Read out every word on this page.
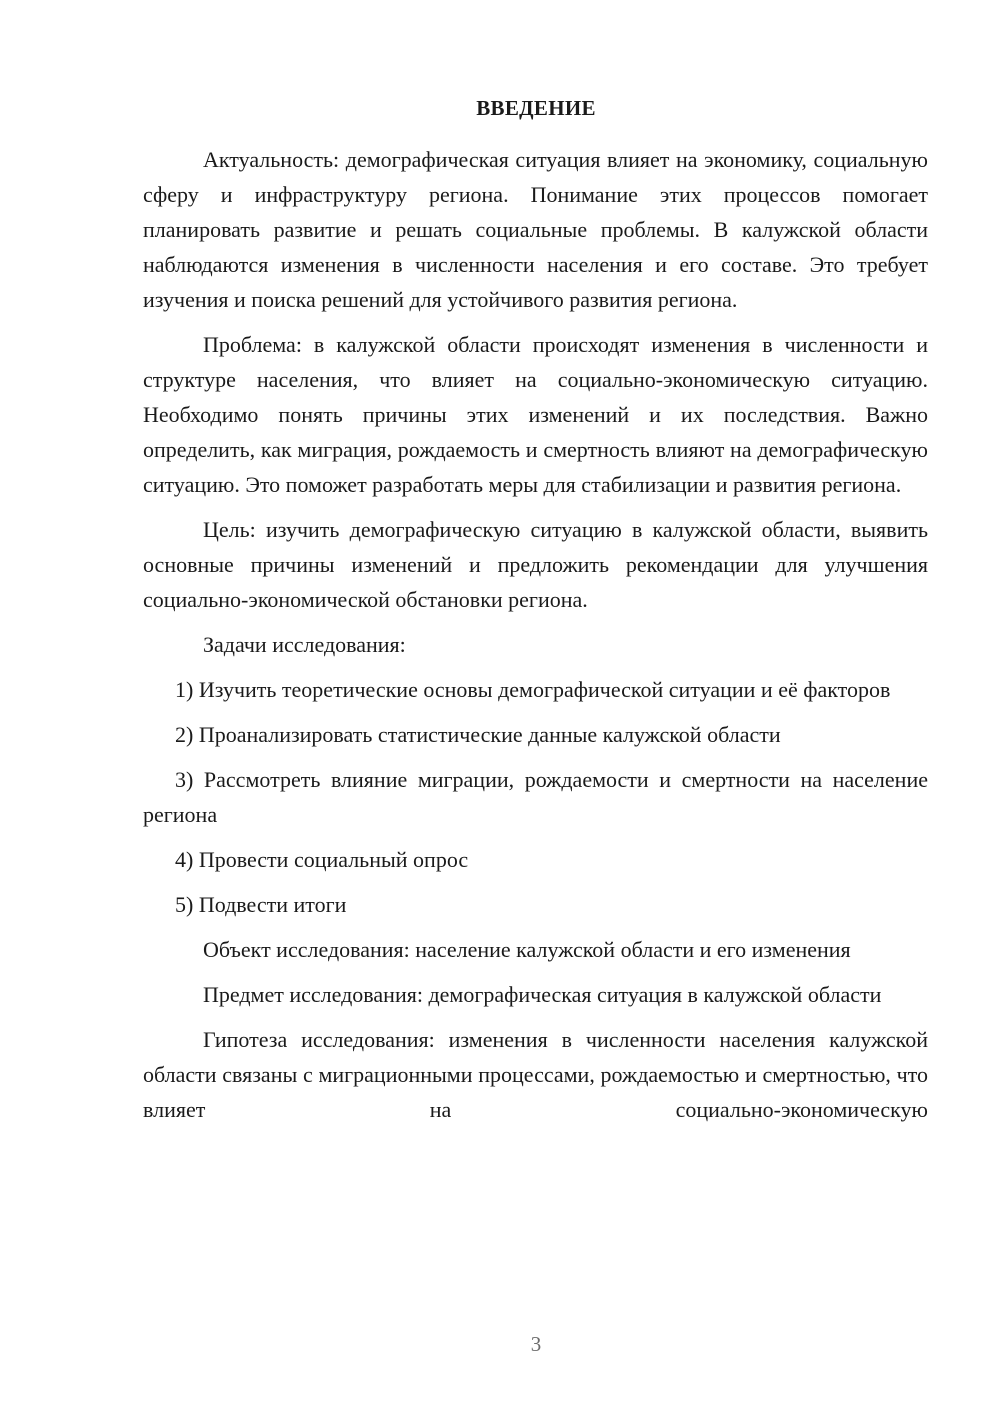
ВВЕДЕНИЕ

Актуальность: демографическая ситуация влияет на экономику, социальную сферу и инфраструктуру региона. Понимание этих процессов помогает планировать развитие и решать социальные проблемы. В калужской области наблюдаются изменения в численности населения и его составе. Это требует изучения и поиска решений для устойчивого развития региона.

Проблема: в калужской области происходят изменения в численности и структуре населения, что влияет на социально-экономическую ситуацию. Необходимо понять причины этих изменений и их последствия. Важно определить, как миграция, рождаемость и смертность влияют на демографическую ситуацию. Это поможет разработать меры для стабилизации и развития региона.

Цель: изучить демографическую ситуацию в калужской области, выявить основные причины изменений и предложить рекомендации для улучшения социально-экономической обстановки региона.

Задачи исследования:

1) Изучить теоретические основы демографической ситуации и её факторов

2) Проанализировать статистические данные калужской области

3) Рассмотреть влияние миграции, рождаемости и смертности на население региона

4) Провести социальный опрос

5) Подвести итоги

Объект исследования: население калужской области и его изменения

Предмет исследования: демографическая ситуация в калужской области

Гипотеза исследования: изменения в численности населения калужской области связаны с миграционными процессами, рождаемостью и смертностью, что влияет на социально-экономическую

3
